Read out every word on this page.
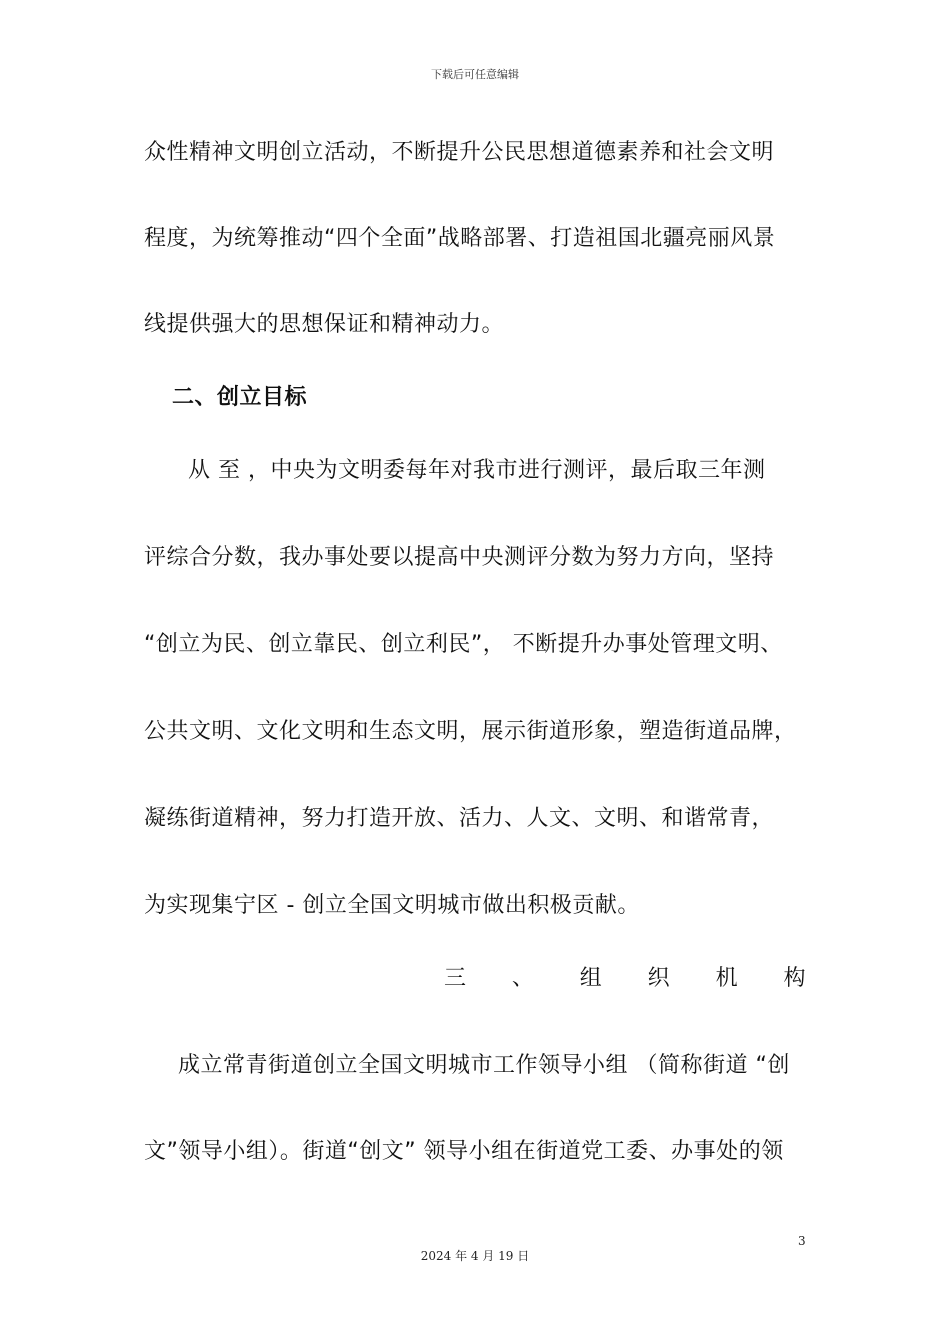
下载后可任意编辑
众性精神文明创立活动，不断提升公民思想道德素养和社会文明
程度，为统筹推动“四个全面”战略部署、打造祖国北疆亮丽风景
线提供强大的思想保证和精神动力。
二、创立目标
从 至 ，中央为文明委每年对我市进行测评，最后取三年测
评综合分数，我办事处要以提高中央测评分数为努力方向，坚持
“创立为民、创立靠民、创立利民”， 不断提升办事处管理文明、
公共文明、文化文明和生态文明，展示街道形象，塑造街道品牌，
凝练街道精神，努力打造开放、活力、人文、文明、和谐常青，
为实现集宁区 - 创立全国文明城市做出积极贡献。
三 、 组 织 机 构
成立常青街道创立全国文明城市工作领导小组 （简称街道 “创
文”领导小组）。街道“创文” 领导小组在街道党工委、办事处的领
3
2024 年 4 月 19 日
